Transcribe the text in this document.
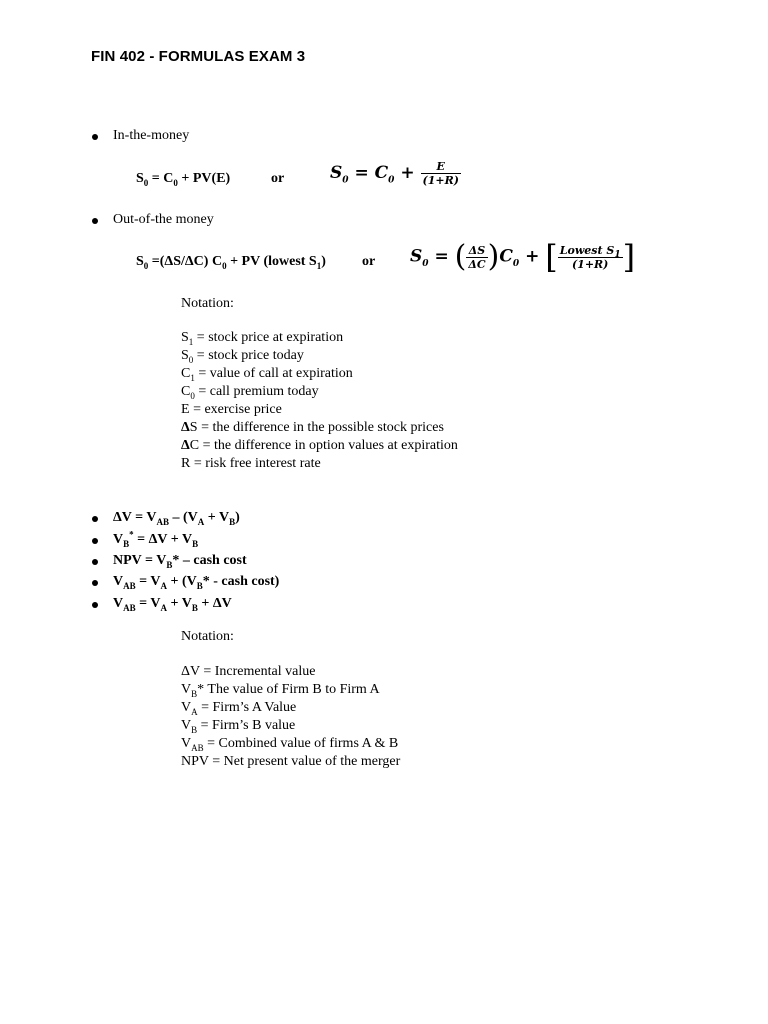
FIN 402 - FORMULAS EXAM 3
In-the-money
$S_0 = C_0 + PV(E)$	or	$S_0 = C_0 + \frac{E}{(1+R)}$
Out-of-the money
$S_0 =(\Delta S/\Delta C) C_0$ + PV (lowest $S_1$)	or $S_0$ = ( $\frac{\Delta S}{\Delta C} )C_0$ + [ $\frac{Lowest S_1}{(1+R)}$ ]
Notation:
$S_1$ = stock price at expiration
$S_0$ = stock price today
$C_1$ = value of call at expiration
$C_0$ = call premium today
E = exercise price
ΔS = the difference in the possible stock prices
ΔC = the difference in option values at expiration
R = risk free interest rate
$\Delta V = V_{AB} - (V_A + V_B)$
$V_B^* = \Delta V + V_B$
NPV = $V_B*$ – cash cost
$V_{AB} = V_A + (V_B*$ - cash cost)
$V_{AB} = V_A + V_B + \Delta V$
Notation:
ΔV = Incremental value
$V_B*$ The value of Firm B to Firm A
$V_A$ = Firm’s A Value
$V_B$ = Firm’s B value
$V_{AB}$ = Combined value of firms A & B
NPV = Net present value of the merger
